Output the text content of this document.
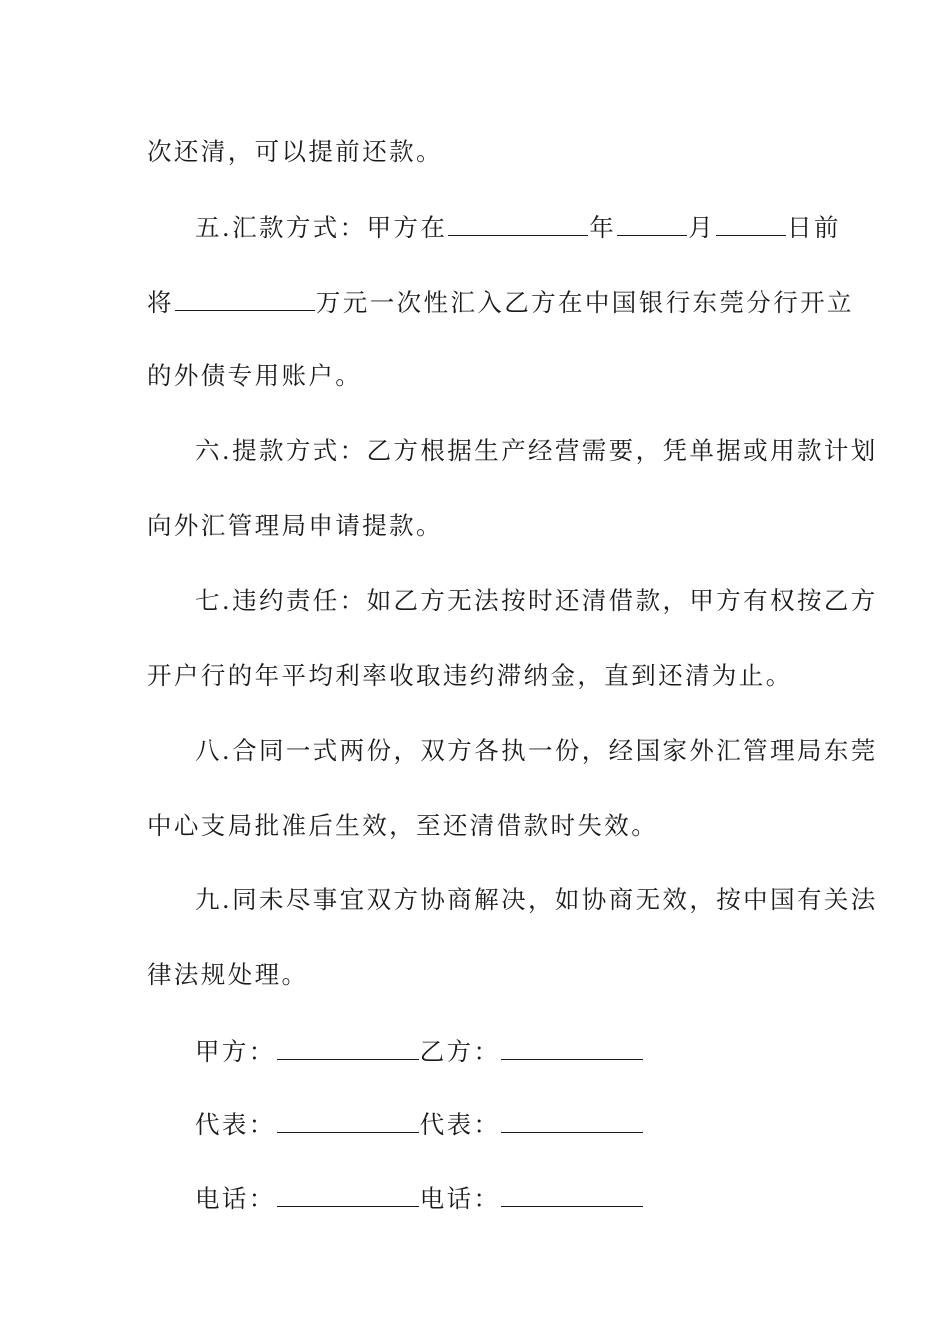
次还清，可以提前还款。
五.汇款方式：甲方在	年	月	日前
将	万元一次性汇入乙方在中国银行东莞分行开立
的外债专用账户。
六.提款方式：乙方根据生产经营需要，凭单据或用款计划
向外汇管理局申请提款。
七.违约责任：如乙方无法按时还清借款，甲方有权按乙方
开户行的年平均利率收取违约滞纳金，直到还清为止。
八.合同一式两份，双方各执一份，经国家外汇管理局东莞
中心支局批准后生效，至还清借款时失效。
九.同未尽事宜双方协商解决，如协商无效，按中国有关法
律法规处理。
甲方：	乙方：
代表：	代表：
电话：	电话：
